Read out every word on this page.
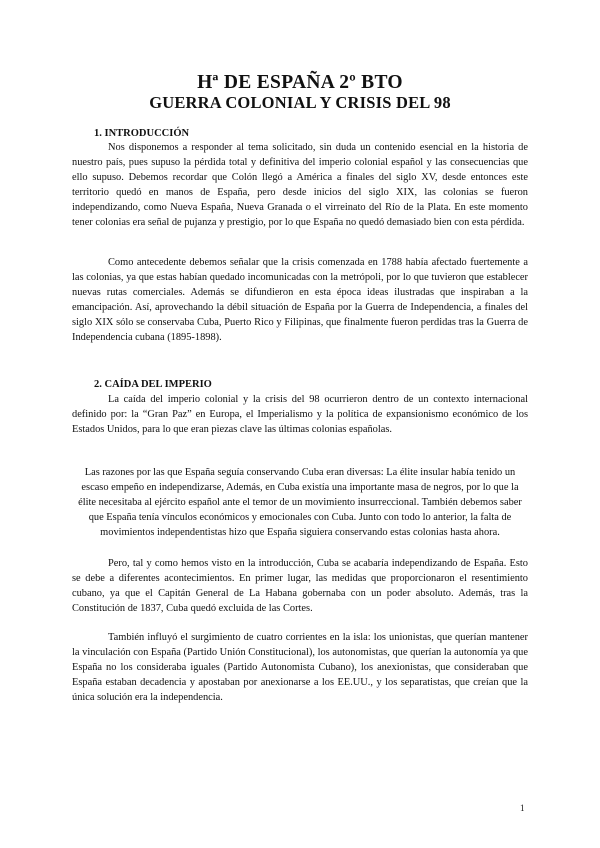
Hª DE ESPAÑA 2º BTO
GUERRA COLONIAL Y CRISIS DEL 98
1. INTRODUCCIÓN

Nos disponemos a responder al tema solicitado, sin duda un contenido esencial en la historia de nuestro país, pues supuso la pérdida total y definitiva del imperio colonial español y las consecuencias que ello supuso. Debemos recordar que Colón llegó a América a finales del siglo XV, desde entonces este territorio quedó en manos de España, pero desde inicios del siglo XIX, las colonias se fueron independizando, como Nueva España, Nueva Granada o el virreinato del Río de la Plata. En este momento tener colonias era señal de pujanza y prestigio, por lo que España no quedó demasiado bien con esta pérdida.

Como antecedente debemos señalar que la crisis comenzada en 1788 había afectado fuertemente a las colonias, ya que estas habían quedado incomunicadas con la metrópoli, por lo que tuvieron que establecer nuevas rutas comerciales. Además se difundieron en esta época ideas ilustradas que inspiraban a la emancipación. Así, aprovechando la débil situación de España por la Guerra de Independencia, a finales del siglo XIX sólo se conservaba Cuba, Puerto Rico y Filipinas, que finalmente fueron perdidas tras la Guerra de Independencia cubana (1895-1898).

2. CAÍDA DEL IMPERIO

La caída del imperio colonial y la crisis del 98 ocurrieron dentro de un contexto internacional definido por: la “Gran Paz” en Europa, el Imperialismo y la política de expansionismo económico de los Estados Unidos, para lo que eran piezas clave las últimas colonias españolas.

Las razones por las que España seguía conservando Cuba eran diversas: La élite insular había tenido un escaso empeño en independizarse, Además, en Cuba existía una importante masa de negros, por lo que la élite necesitaba al ejército español ante el temor de un movimiento insurreccional. También debemos saber que España tenía vínculos económicos y emocionales con Cuba. Junto con todo lo anterior, la falta de movimientos independentistas hizo que España siguiera conservando estas colonias hasta ahora.

Pero, tal y como hemos visto en la introducción, Cuba se acabaría independizando de España. Esto se debe a diferentes acontecimientos. En primer lugar, las medidas que proporcionaron el resentimiento cubano, ya que el Capitán General de La Habana gobernaba con un poder absoluto. Además, tras la Constitución de 1837, Cuba quedó excluida de las Cortes.

También influyó el surgimiento de cuatro corrientes en la isla: los unionistas, que querían mantener la vinculación con España (Partido Unión Constitucional), los autonomistas, que querían la autonomía ya que España no los consideraba iguales (Partido Autonomista Cubano), los anexionistas, que consideraban que España estaban decadencia y apostaban por anexionarse a los EE.UU., y los separatistas, que creían que la única solución era la independencia.

1
